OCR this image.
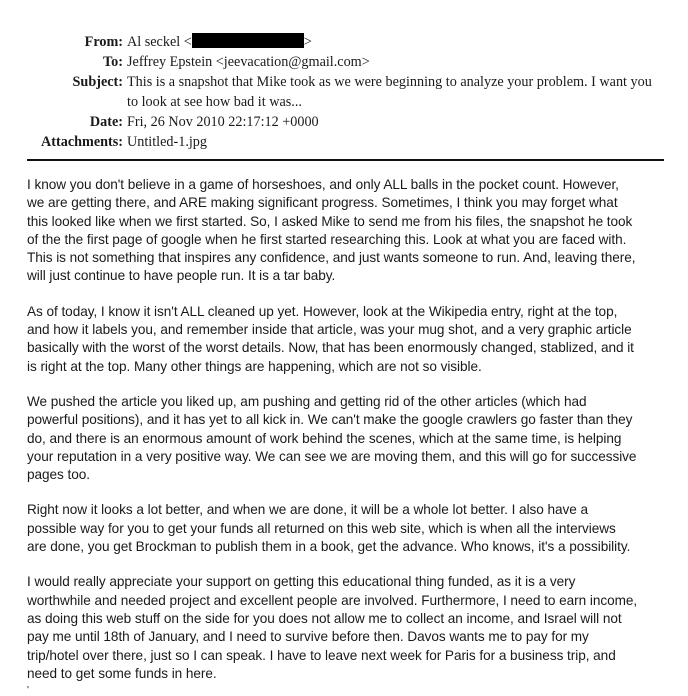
From: Al seckel <	>
To: Jeffrey Epstein <jeevacation@gmail.com>
Subject: This is a snapshot that Mike took as we were beginning to analyze your problem. I want you to look at see how bad it was...
Date: Fri, 26 Nov 2010 22:17:12 +0000
Attachments: Untitled-1.jpg

I know you don't believe in a game of horseshoes, and only ALL balls in the pocket count. However,
we are getting there, and ARE making significant progress. Sometimes, I think you may forget what
this looked like when we first started. So, I asked Mike to send me from his files, the snapshot he took
of the the first page of google when he first started researching this. Look at what you are faced with.
This is not something that inspires any confidence, and just wants someone to run. And, leaving there,
will just continue to have people run. It is a tar baby.

As of today, I know it isn't ALL cleaned up yet. However, look at the Wikipedia entry, right at the top,
and how it labels you, and remember inside that article, was your mug shot, and a very graphic article
basically with the worst of the worst details. Now, that has been enormously changed, stablized, and it
is right at the top. Many other things are happening, which are not so visible.

We pushed the article you liked up, am pushing and getting rid of the other articles (which had
powerful positions), and it has yet to all kick in. We can't make the google crawlers go faster than they
do, and there is an enormous amount of work behind the scenes, which at the same time, is helping
your reputation in a very positive way. We can see we are moving them, and this will go for successive
pages too.

Right now it looks a lot better, and when we are done, it will be a whole lot better. I also have a
possible way for you to get your funds all returned on this web site, which is when all the interviews
are done, you get Brockman to publish them in a book, get the advance. Who knows, it's a possibility.

I would really appreciate your support on getting this educational thing funded, as it is a very
worthwhile and needed project and excellent people are involved. Furthermore, I need to earn income,
as doing this web stuff on the side for you does not allow me to collect an income, and Israel will not
pay me until 18th of January, and I need to survive before then. Davos wants me to pay for my
trip/hotel over there, just so I can speak. I have to leave next week for Paris for a business trip, and
need to get some funds in here.

'
